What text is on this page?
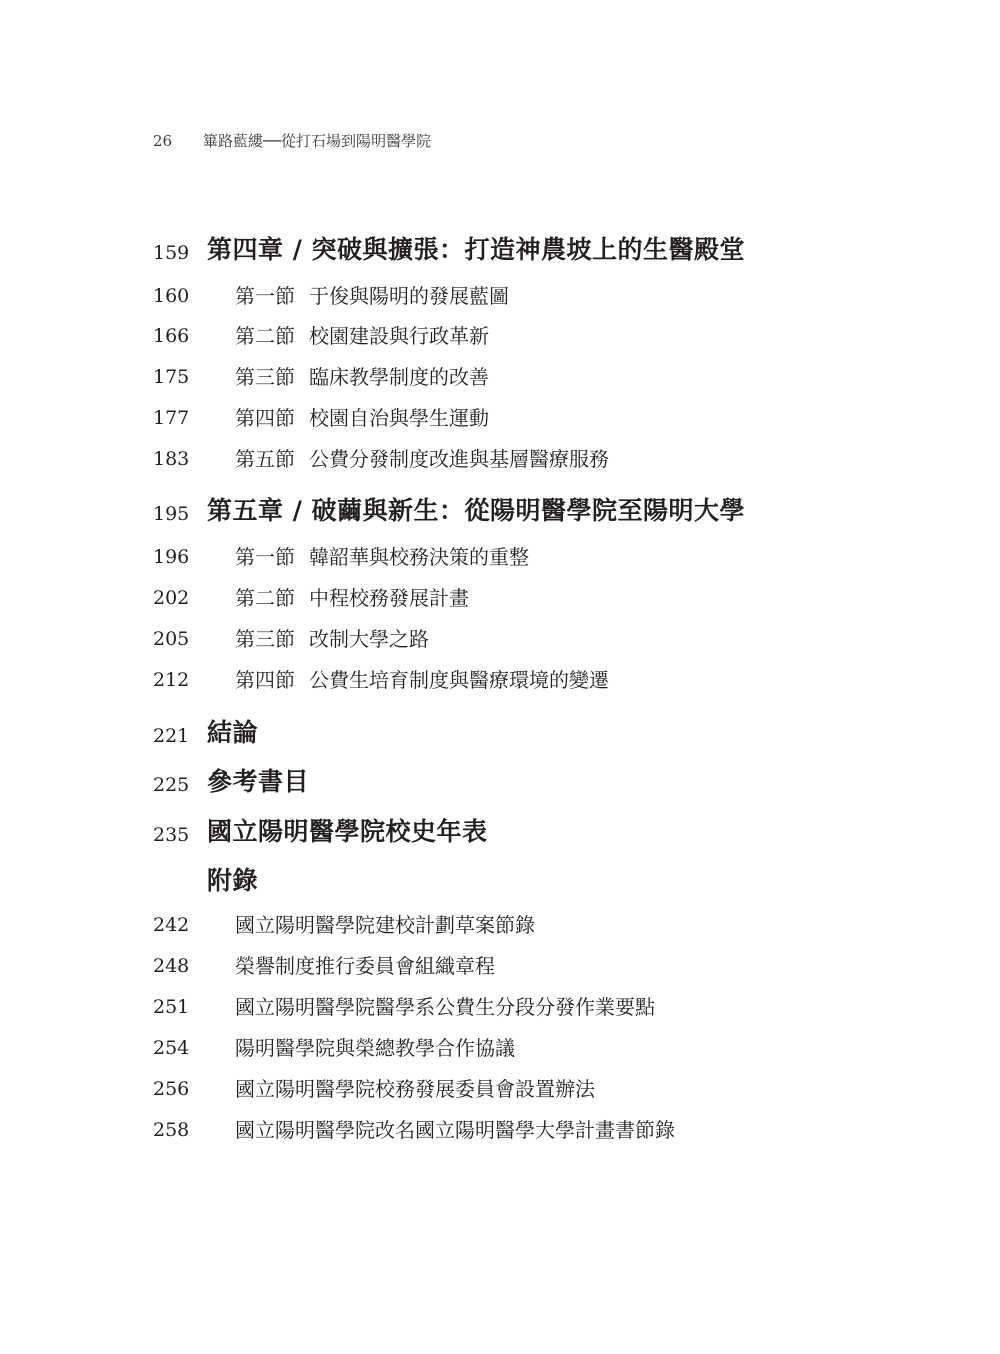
26 篳路藍縷──從打石場到陽明醫學院
159 第四章 / 突破與擴張：打造神農坡上的生醫殿堂
160 第一節 于俊與陽明的發展藍圖
166 第二節 校園建設與行政革新
175 第三節 臨床教學制度的改善
177 第四節 校園自治與學生運動
183 第五節 公費分發制度改進與基層醫療服務
195 第五章 / 破繭與新生：從陽明醫學院至陽明大學
196 第一節 韓韶華與校務決策的重整
202 第二節 中程校務發展計畫
205 第三節 改制大學之路
212 第四節 公費生培育制度與醫療環境的變遷
221 結論
225 參考書目
235 國立陽明醫學院校史年表
附錄
242 國立陽明醫學院建校計劃草案節錄
248 榮譽制度推行委員會組織章程
251 國立陽明醫學院醫學系公費生分段分發作業要點
254 陽明醫學院與榮總教學合作協議
256 國立陽明醫學院校務發展委員會設置辦法
258 國立陽明醫學院改名國立陽明醫學大學計畫書節錄
